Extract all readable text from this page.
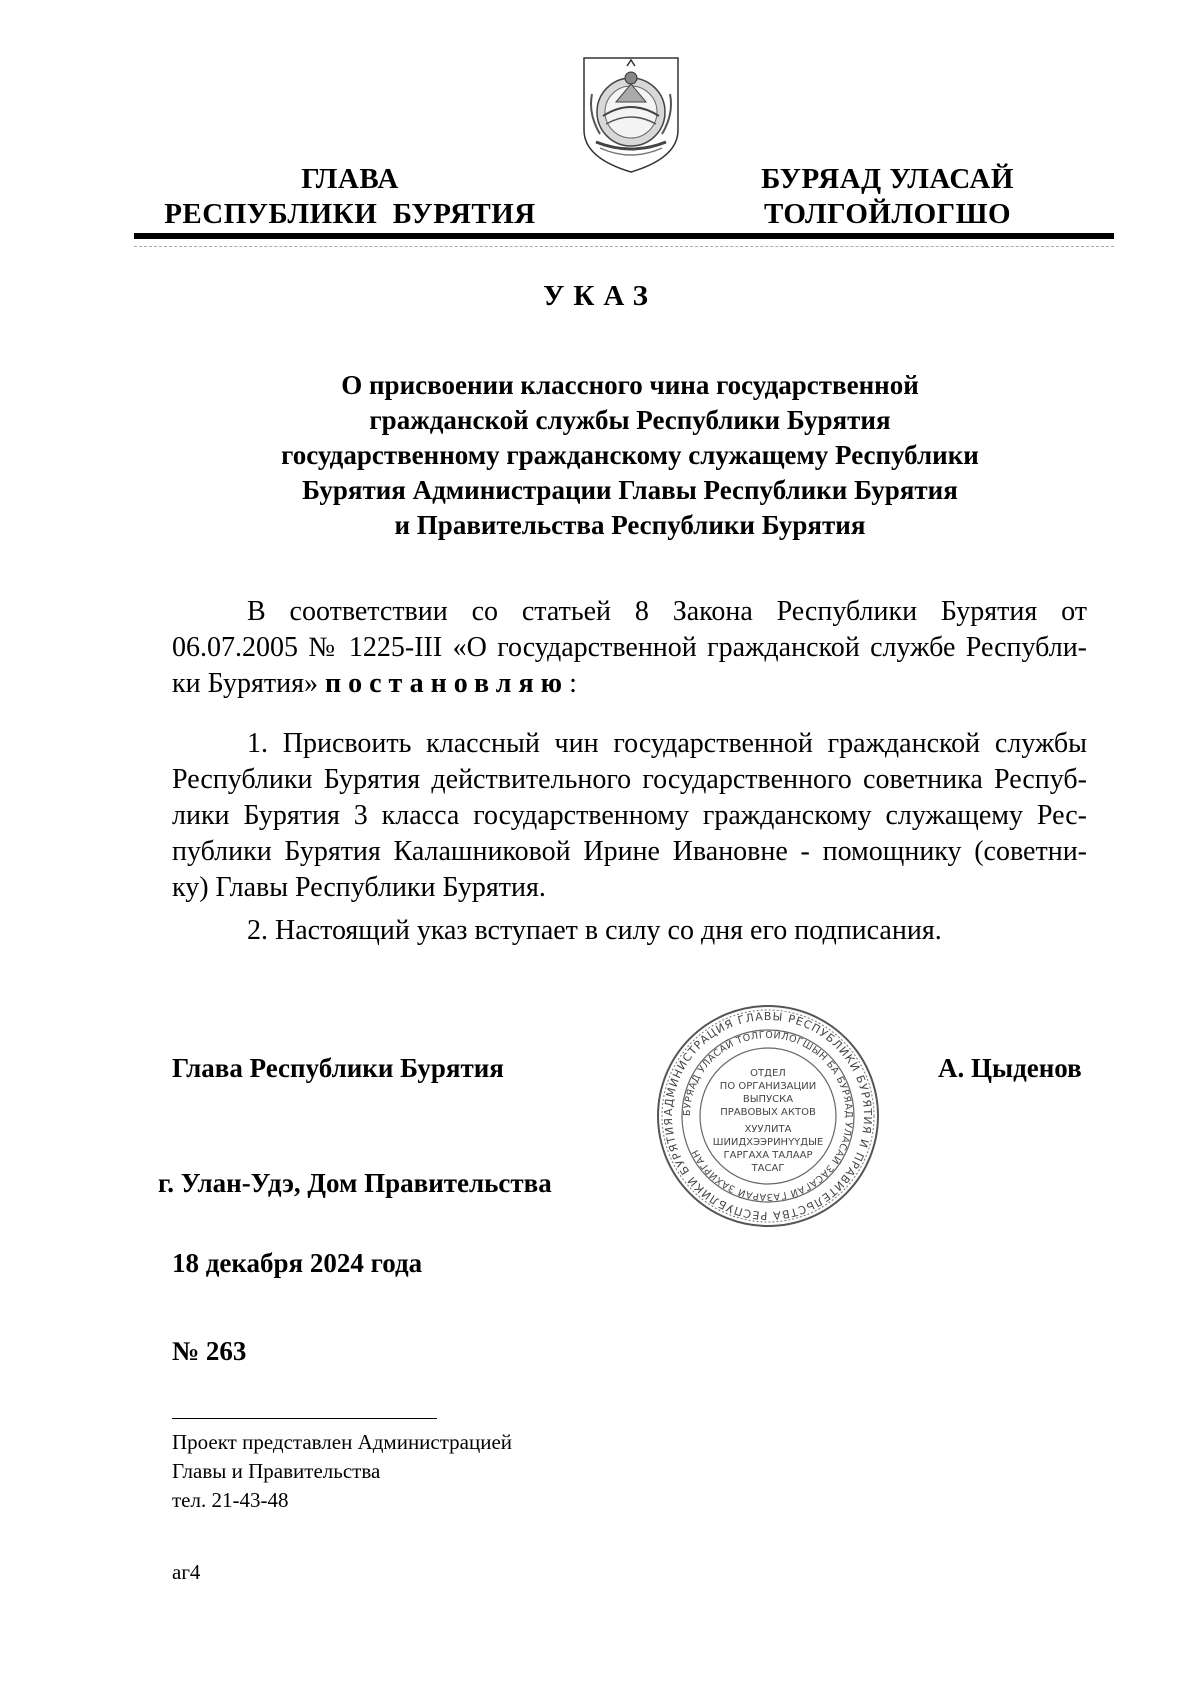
ГЛАВА
РЕСПУБЛИКИ  БУРЯТИЯ
БУРЯАД УЛАСАЙ
ТОЛГОЙЛОГШО
УКАЗ
О присвоении классного чина государственной
гражданской службы Республики Бурятия
государственному гражданскому служащему Республики
Бурятия Администрации Главы Республики Бурятия
и Правительства Республики Бурятия
В соответствии со статьей 8 Закона Республики Бурятия от
06.07.2005 № 1225-III «О государственной гражданской службе Республи-
ки Бурятия» постановляю:
1. Присвоить классный чин государственной гражданской службы
Республики Бурятия действительного государственного советника Респуб-
лики Бурятия 3 класса государственному гражданскому служащему Рес-
публики Бурятия Калашниковой Ирине Ивановне - помощнику (советни-
ку) Главы Республики Бурятия.
2. Настоящий указ вступает в силу со дня его подписания.
Глава Республики Бурятия	А. Цыденов
АДМИНИСТРАЦИЯ ГЛАВЫ РЕСПУБЛИКИ БУРЯТИЯ И ПРАВИТЕЛЬСТВА РЕСПУБЛИКИ БУРЯТИЯ
БУРЯАД УЛАСАЙ ТОЛГОЙЛОГШЫН БА БУРЯАД УЛАСАЙ ЗАСАГАЙ ГАЗАРАЙ ЗАХИРГАН
ОТДЕЛ
ПО ОРГАНИЗАЦИИ
ВЫПУСКА
ПРАВОВЫХ АКТОВ
ХУУЛИТА
ШИИДХЭЭРИНҮҮДЫЕ
ГАРГАХА ТАЛААР
ТАСАГ
г. Улан-Удэ, Дом Правительства
18 декабря 2024 года
№ 263
Проект представлен Администрацией
Главы и Правительства
тел. 21-43-48
аг4
